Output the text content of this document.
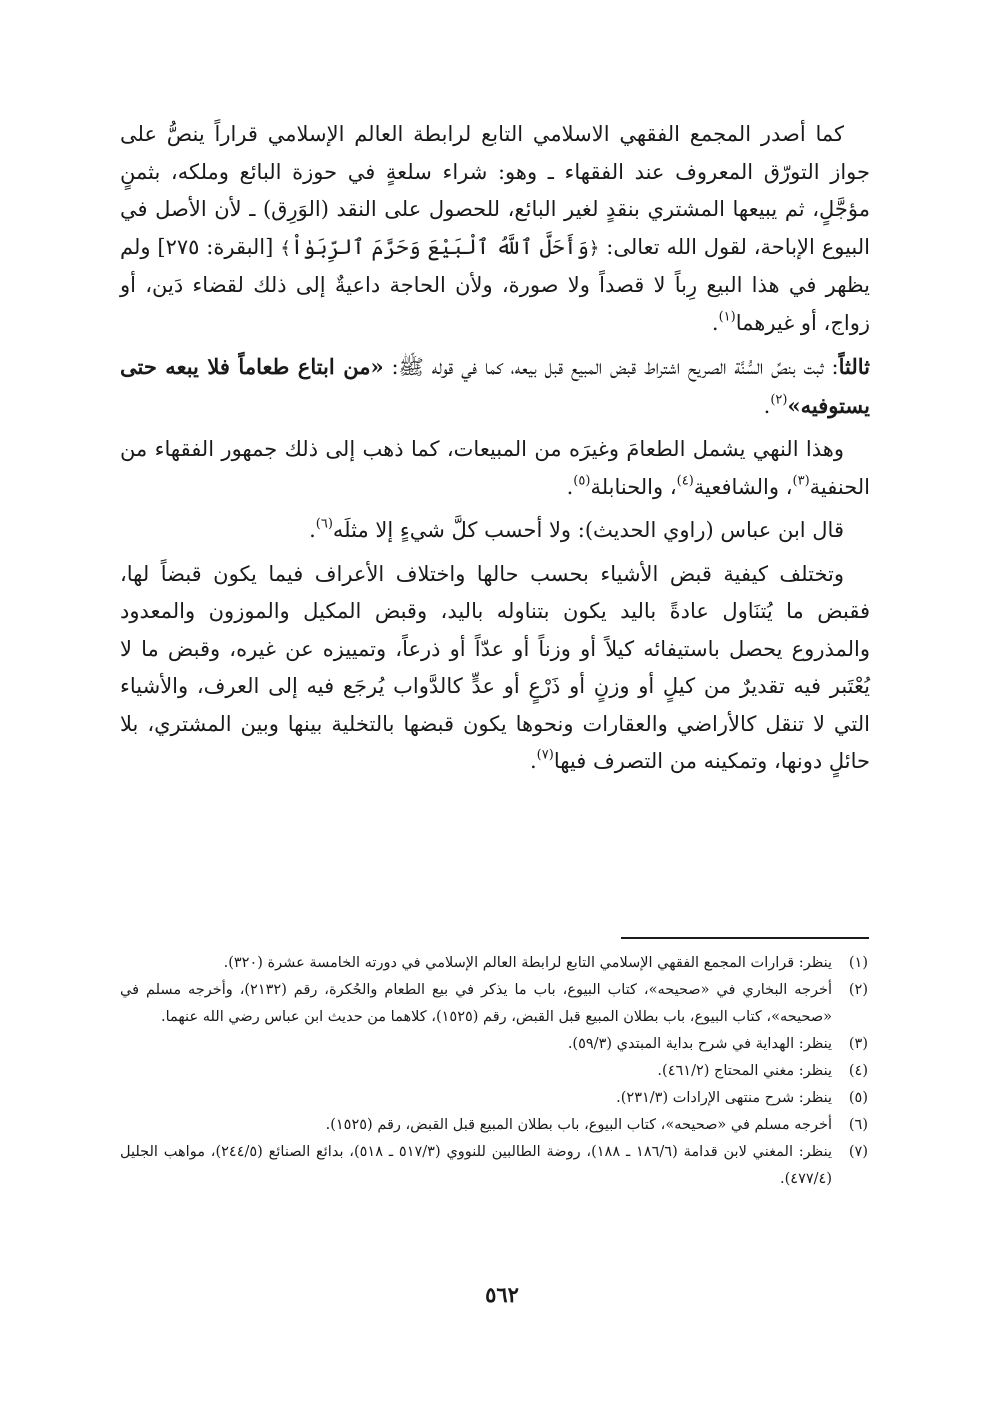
كما أصدر المجمع الفقهي الاسلامي التابع لرابطة العالم الإسلامي قراراً ينصُّ على جواز التورّق المعروف عند الفقهاء ـ وهو: شراء سلعةٍ في حوزة البائع وملكه، بثمنٍ مؤجَّلٍ، ثم يبيعها المشتري بنقدٍ لغير البائع، للحصول على النقد (الوَرِق) ـ لأن الأصل في البيوع الإباحة، لقول الله تعالى: ﴿وَأَحَلَّ ٱللَّهُ ٱلْبَيْعَ وَحَرَّمَ ٱلرِّبَوٰاْ﴾ [البقرة: ٢٧٥] ولم يظهر في هذا البيع رِباً لا قصداً ولا صورة، ولأن الحاجة داعيةٌ إلى ذلك لقضاء دَين، أو زواج، أو غيرهما$^{(١)}$.

ثالثاً: ثبت بنصِّ السُّنَّة الصريح اشتراط قبض المبيع قبل بيعه، كما في قوله ﷺ: «من ابتاع طعاماً فلا يبعه حتى يستوفيه»$^{(٢)}$.

وهذا النهي يشمل الطعامَ وغيرَه من المبيعات، كما ذهب إلى ذلك جمهور الفقهاء من الحنفية$^{(٣)}$، والشافعية$^{(٤)}$، والحنابلة$^{(٥)}$.

قال ابن عباس (راوي الحديث): ولا أحسب كلَّ شيءٍ إلا مثلَه$^{(٦)}$.

وتختلف كيفية قبض الأشياء بحسب حالها واختلاف الأعراف فيما يكون قبضاً لها، فقبض ما يُتنَاول عادةً باليد يكون بتناوله باليد، وقبض المكيل والموزون والمعدود والمذروع يحصل باستيفائه كيلاً أو وزناً أو عدّاً أو ذرعاً، وتمييزه عن غيره، وقبض ما لا يُعْتَبر فيه تقديرٌ من كيلٍ أو وزنٍ أو ذَرْعٍ أو عدٍّ كالدَّواب يُرجَع فيه إلى العرف، والأشياء التي لا تنقل كالأراضي والعقارات ونحوها يكون قبضها بالتخلية بينها وبين المشتري، بلا حائلٍ دونها، وتمكينه من التصرف فيها$^{(٧)}$.

(١)
ينظر: قرارات المجمع الفقهي الإسلامي التابع لرابطة العالم الإسلامي في دورته الخامسة عشرة (٣٢٠).
(٢)
أخرجه البخاري في «صحيحه»، كتاب البيوع، باب ما يذكر في بيع الطعام والحُكرة، رقم (٢١٣٢)، وأخرجه مسلم في «صحيحه»، كتاب البيوع، باب بطلان المبيع قبل القبض، رقم (١٥٢٥)، كلاهما من حديث ابن عباس رضي الله عنهما.
(٣)
ينظر: الهداية في شرح بداية المبتدي (٥٩/٣).
(٤)
ينظر: مغني المحتاج (٤٦١/٢).
(٥)
ينظر: شرح منتهى الإرادات (٢٣١/٣).
(٦)
أخرجه مسلم في «صحيحه»، كتاب البيوع، باب بطلان المبيع قبل القبض، رقم (١٥٢٥).
(٧)
ينظر: المغني لابن قدامة (١٨٦/٦ ـ ١٨٨)، روضة الطالبين للنووي (٥١٧/٣ ـ ٥١٨)، بدائع الصنائع (٢٤٤/٥)، مواهب الجليل (٤٧٧/٤).
٥٦٢
